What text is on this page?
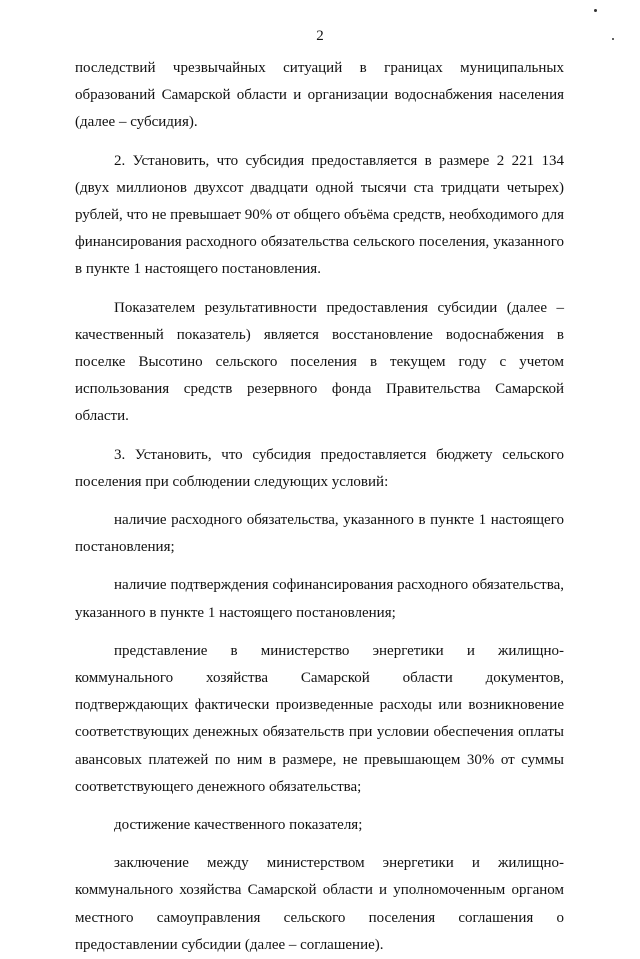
2

последствий чрезвычайных ситуаций в границах муниципальных образований Самарской области и организации водоснабжения населения (далее – субсидия).

2. Установить, что субсидия предоставляется в размере 2 221 134 (двух миллионов двухсот двадцати одной тысячи ста тридцати четырех) рублей, что не превышает 90% от общего объёма средств, необходимого для финансирования расходного обязательства сельского поселения, указанного в пункте 1 настоящего постановления.

Показателем результативности предоставления субсидии (далее – качественный показатель) является восстановление водоснабжения в поселке Высотино сельского поселения в текущем году с учетом использования средств резервного фонда Правительства Самарской области.

3. Установить, что субсидия предоставляется бюджету сельского поселения при соблюдении следующих условий:

наличие расходного обязательства, указанного в пункте 1 настоящего постановления;

наличие подтверждения софинансирования расходного обязательства, указанного в пункте 1 настоящего постановления;

представление в министерство энергетики и жилищно-коммунального хозяйства Самарской области документов, подтверждающих фактически произведенные расходы или возникновение соответствующих денежных обязательств при условии обеспечения оплаты авансовых платежей по ним в размере, не превышающем 30% от суммы соответствующего денежного обязательства;

достижение качественного показателя;

заключение между министерством энергетики и жилищно-коммунального хозяйства Самарской области и уполномоченным органом местного самоуправления сельского поселения соглашения о предоставлении субсидии (далее – соглашение).
